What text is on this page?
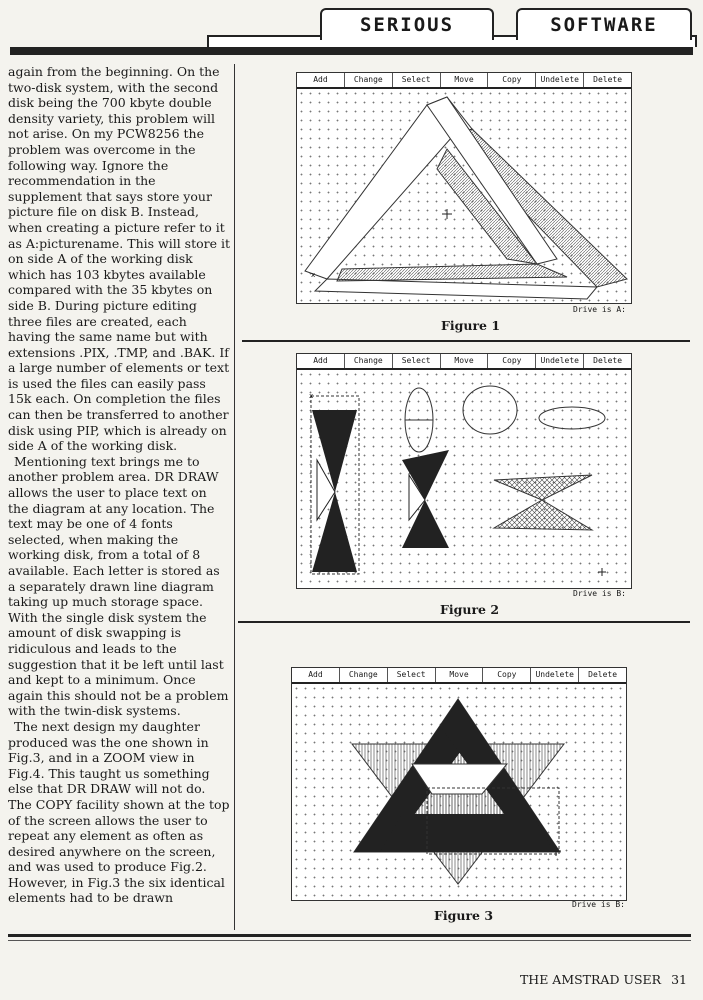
SERIOUS	SOFTWARE

again from the beginning. On the two-disk system, with the second disk being the 700 kbyte double density variety, this problem will not arise. On my PCW8256 the problem was overcome in the following way. Ignore the recommendation in the supplement that says store your picture file on disk B. Instead, when creating a picture refer to it as A:picturename. This will store it on side A of the working disk which has 103 kbytes available compared with the 35 kbytes on side B. During picture editing three files are created, each having the same name but with extensions .PIX, .TMP, and .BAK. If a large number of elements or text is used the files can easily pass 15k each. On completion the files can then be transferred to another disk using PIP, which is already on side A of the working disk.

Mentioning text brings me to another problem area. DR DRAW allows the user to place text on the diagram at any location. The text may be one of 4 fonts selected, when making the working disk, from a total of 8 available. Each letter is stored as a separately drawn line diagram taking up much storage space. With the single disk system the amount of disk swapping is ridiculous and leads to the suggestion that it be left until last and kept to a minimum. Once again this should not be a problem with the twin-disk systems.

The next design my daughter produced was the one shown in Fig.3, and in a ZOOM view in Fig.4. This taught us something else that DR DRAW will not do. The COPY facility shown at the top of the screen allows the user to repeat any element as often as desired anywhere on the screen, and was used to produce Fig.2. However, in Fig.3 the six identical elements had to be drawn

Add	Change	Select	Move	Copy	Undelete	Delete
x
Drive is A:
Figure 1
Add	Change	Select	Move	Copy	Undelete	Delete
x
Drive is B:
Figure 2
Add	Change	Select	Move	Copy	Undelete	Delete
Drive is B:
Figure 3
THE AMSTRAD USER 31
